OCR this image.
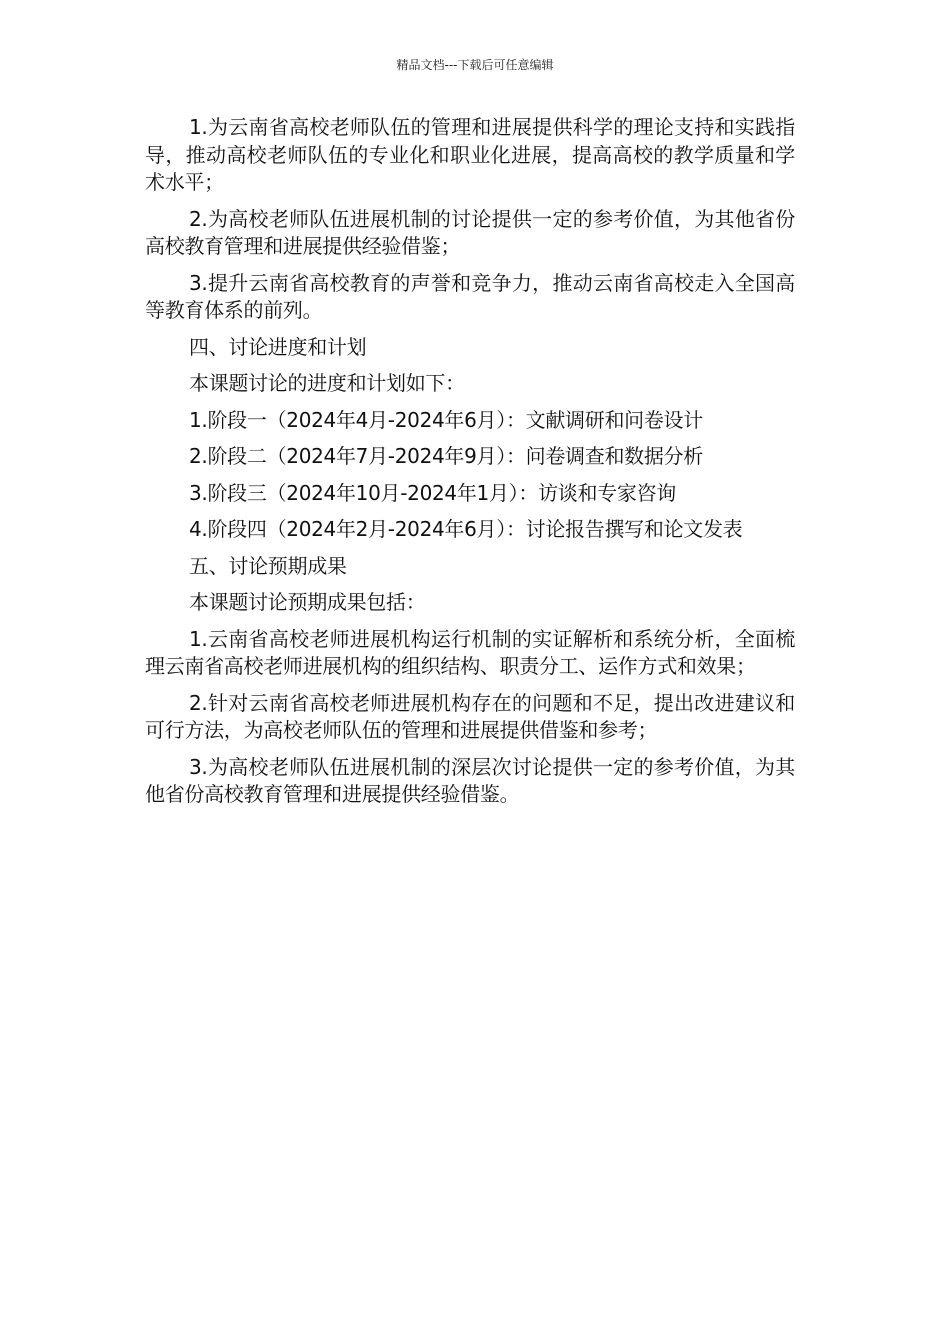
精品文档---下载后可任意编辑

1.为云南省高校老师队伍的管理和进展提供科学的理论支持和实践指导，推动高校老师队伍的专业化和职业化进展，提高高校的教学质量和学术水平；

2.为高校老师队伍进展机制的讨论提供一定的参考价值，为其他省份高校教育管理和进展提供经验借鉴；

3.提升云南省高校教育的声誉和竞争力，推动云南省高校走入全国高等教育体系的前列。

四、讨论进度和计划

本课题讨论的进度和计划如下：

1.阶段一（2024年4月-2024年6月）：文献调研和问卷设计

2.阶段二（2024年7月-2024年9月）：问卷调查和数据分析

3.阶段三（2024年10月-2024年1月）：访谈和专家咨询

4.阶段四（2024年2月-2024年6月）：讨论报告撰写和论文发表

五、讨论预期成果

本课题讨论预期成果包括：

1.云南省高校老师进展机构运行机制的实证解析和系统分析，全面梳理云南省高校老师进展机构的组织结构、职责分工、运作方式和效果；

2.针对云南省高校老师进展机构存在的问题和不足，提出改进建议和可行方法，为高校老师队伍的管理和进展提供借鉴和参考；

3.为高校老师队伍进展机制的深层次讨论提供一定的参考价值，为其他省份高校教育管理和进展提供经验借鉴。
